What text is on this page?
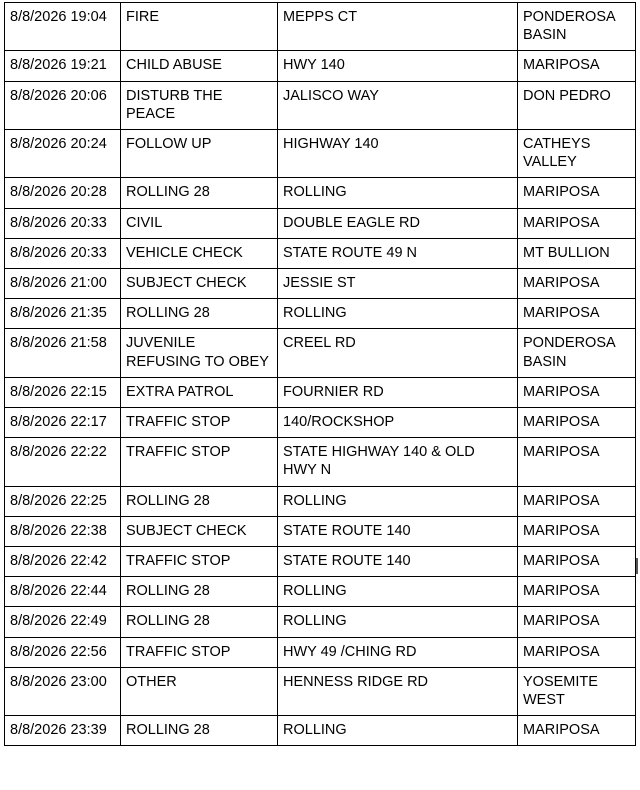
8/8/2026 19:04	FIRE	MEPPS CT	PONDEROSA BASIN
8/8/2026 19:21	CHILD ABUSE	HWY 140	MARIPOSA
8/8/2026 20:06	DISTURB THE PEACE	JALISCO WAY	DON PEDRO
8/8/2026 20:24	FOLLOW UP	HIGHWAY 140	CATHEYS VALLEY
8/8/2026 20:28	ROLLING 28	ROLLING	MARIPOSA
8/8/2026 20:33	CIVIL	DOUBLE EAGLE RD	MARIPOSA
8/8/2026 20:33	VEHICLE CHECK	STATE ROUTE 49 N	MT BULLION
8/8/2026 21:00	SUBJECT CHECK	JESSIE ST	MARIPOSA
8/8/2026 21:35	ROLLING 28	ROLLING	MARIPOSA
8/8/2026 21:58	JUVENILE REFUSING TO OBEY	CREEL RD	PONDEROSA BASIN
8/8/2026 22:15	EXTRA PATROL	FOURNIER RD	MARIPOSA
8/8/2026 22:17	TRAFFIC STOP	140/ROCKSHOP	MARIPOSA
8/8/2026 22:22	TRAFFIC STOP	STATE HIGHWAY 140 & OLD HWY N	MARIPOSA
8/8/2026 22:25	ROLLING 28	ROLLING	MARIPOSA
8/8/2026 22:38	SUBJECT CHECK	STATE ROUTE 140	MARIPOSA
8/8/2026 22:42	TRAFFIC STOP	STATE ROUTE 140	MARIPOSA
8/8/2026 22:44	ROLLING 28	ROLLING	MARIPOSA
8/8/2026 22:49	ROLLING 28	ROLLING	MARIPOSA
8/8/2026 22:56	TRAFFIC STOP	HWY 49 /CHING RD	MARIPOSA
8/8/2026 23:00	OTHER	HENNESS RIDGE RD	YOSEMITE WEST
8/8/2026 23:39	ROLLING 28	ROLLING	MARIPOSA
